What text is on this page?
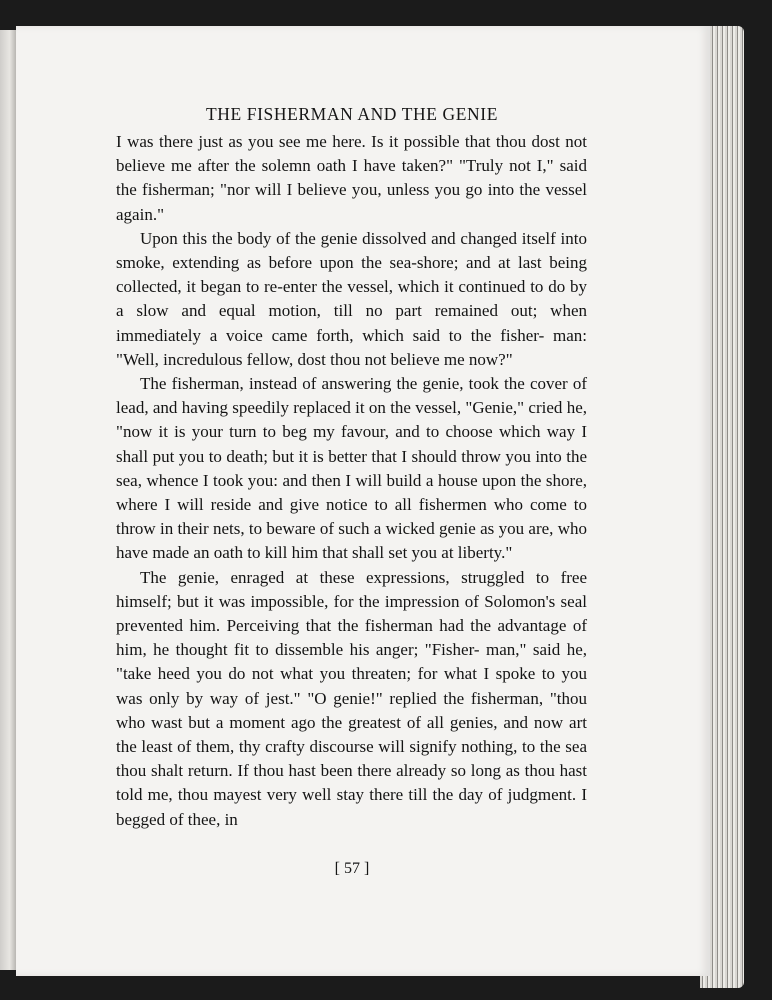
THE FISHERMAN AND THE GENIE

I was there just as you see me here. Is it possible that thou dost not believe me after the solemn oath I have taken?" "Truly not I," said the fisherman; "nor will I believe you, unless you go into the vessel again."

Upon this the body of the genie dissolved and changed itself into smoke, extending as before upon the sea-shore; and at last being collected, it began to re-enter the vessel, which it continued to do by a slow and equal motion, till no part remained out; when immediately a voice came forth, which said to the fisher- man: "Well, incredulous fellow, dost thou not believe me now?"

The fisherman, instead of answering the genie, took the cover of lead, and having speedily replaced it on the vessel, "Genie," cried he, "now it is your turn to beg my favour, and to choose which way I shall put you to death; but it is better that I should throw you into the sea, whence I took you: and then I will build a house upon the shore, where I will reside and give notice to all fishermen who come to throw in their nets, to beware of such a wicked genie as you are, who have made an oath to kill him that shall set you at liberty."

The genie, enraged at these expressions, struggled to free himself; but it was impossible, for the impression of Solomon's seal prevented him. Perceiving that the fisherman had the advantage of him, he thought fit to dissemble his anger; "Fisher- man," said he, "take heed you do not what you threaten; for what I spoke to you was only by way of jest." "O genie!" replied the fisherman, "thou who wast but a moment ago the greatest of all genies, and now art the least of them, thy crafty discourse will signify nothing, to the sea thou shalt return. If thou hast been there already so long as thou hast told me, thou mayest very well stay there till the day of judgment. I begged of thee, in

[ 57 ]
